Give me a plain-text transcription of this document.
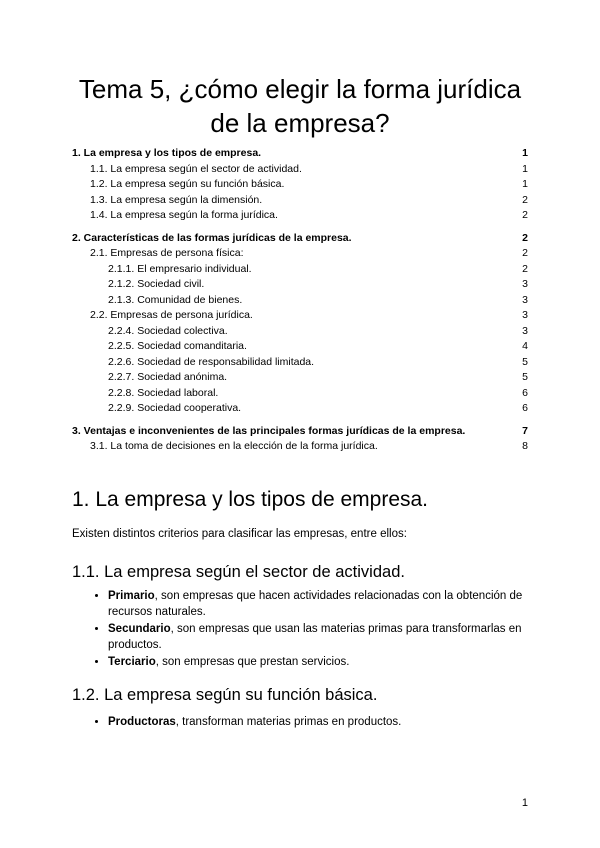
Tema 5, ¿cómo elegir la forma jurídica
de la empresa?
1. La empresa y los tipos de empresa.	1
1.1. La empresa según el sector de actividad.	1
1.2. La empresa según su función básica.	1
1.3. La empresa según la dimensión.	2
1.4. La empresa según la forma jurídica.	2
2. Características de las formas jurídicas de la empresa.	2
2.1. Empresas de persona física:	2
2.1.1. El empresario individual.	2
2.1.2. Sociedad civil.	3
2.1.3. Comunidad de bienes.	3
2.2. Empresas de persona jurídica.	3
2.2.4. Sociedad colectiva.	3
2.2.5. Sociedad comanditaria.	4
2.2.6. Sociedad de responsabilidad limitada.	5
2.2.7. Sociedad anónima.	5
2.2.8. Sociedad laboral.	6
2.2.9. Sociedad cooperativa.	6
3. Ventajas e inconvenientes de las principales formas jurídicas de la empresa.	7
3.1. La toma de decisiones en la elección de la forma jurídica.	8
1. La empresa y los tipos de empresa.

Existen distintos criterios para clasificar las empresas, entre ellos:

1.1. La empresa según el sector de actividad.
• Primario, son empresas que hacen actividades relacionadas con la obtención de recursos naturales.
• Secundario, son empresas que usan las materias primas para transformarlas en productos.
• Terciario, son empresas que prestan servicios.
1.2. La empresa según su función básica.
• Productoras, transforman materias primas en productos.
1
